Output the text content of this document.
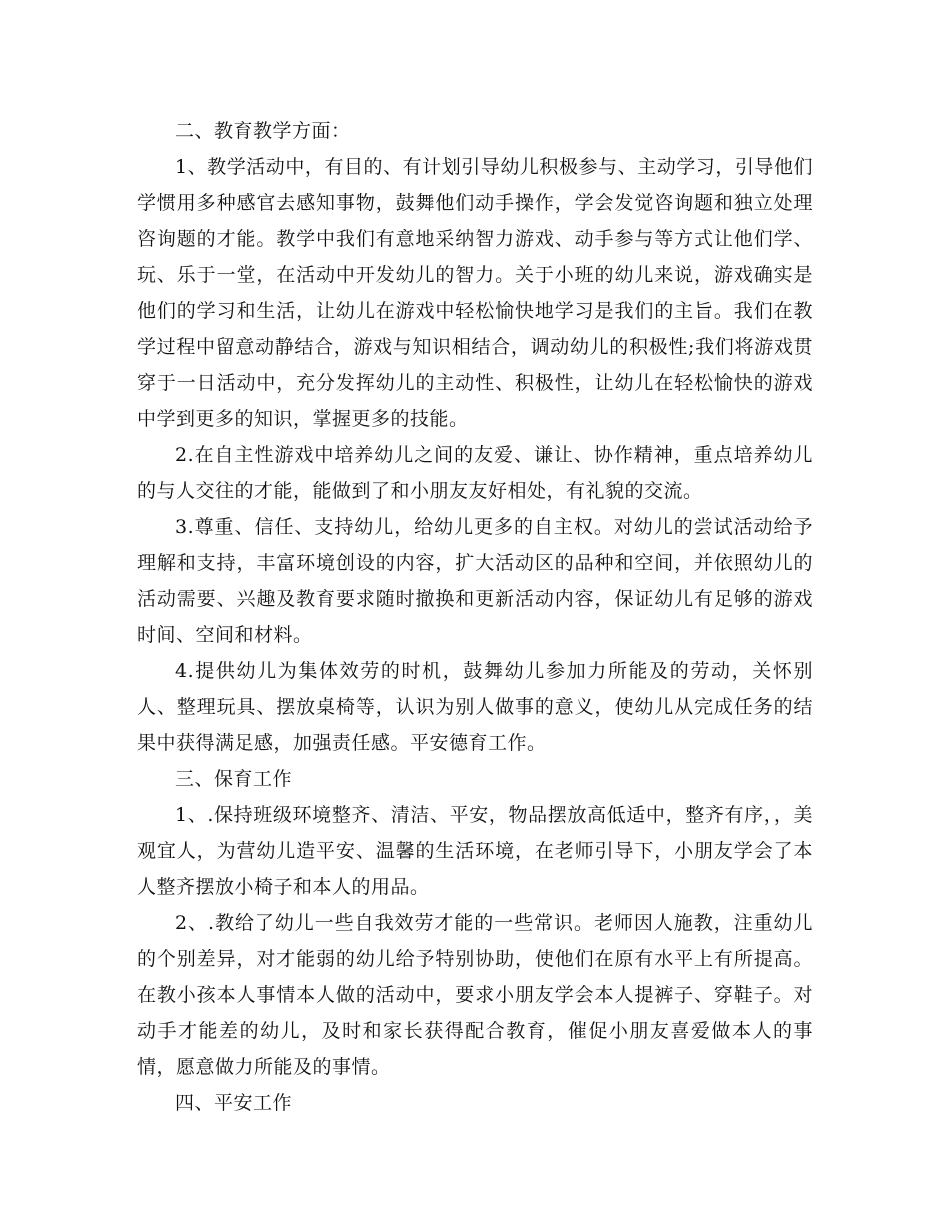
二、教育教学方面：

1、教学活动中，有目的、有计划引导幼儿积极参与、主动学习，引导他们学惯用多种感官去感知事物，鼓舞他们动手操作，学会发觉咨询题和独立处理咨询题的才能。教学中我们有意地采纳智力游戏、动手参与等方式让他们学、玩、乐于一堂，在活动中开发幼儿的智力。关于小班的幼儿来说，游戏确实是他们的学习和生活，让幼儿在游戏中轻松愉快地学习是我们的主旨。我们在教学过程中留意动静结合，游戏与知识相结合，调动幼儿的积极性;我们将游戏贯穿于一日活动中，充分发挥幼儿的主动性、积极性，让幼儿在轻松愉快的游戏中学到更多的知识，掌握更多的技能。

2.在自主性游戏中培养幼儿之间的友爱、谦让、协作精神，重点培养幼儿的与人交往的才能，能做到了和小朋友友好相处，有礼貌的交流。

3.尊重、信任、支持幼儿，给幼儿更多的自主权。对幼儿的尝试活动给予理解和支持，丰富环境创设的内容，扩大活动区的品种和空间，并依照幼儿的活动需要、兴趣及教育要求随时撤换和更新活动内容，保证幼儿有足够的游戏时间、空间和材料。

4.提供幼儿为集体效劳的时机，鼓舞幼儿参加力所能及的劳动，关怀别人、整理玩具、摆放桌椅等，认识为别人做事的意义，使幼儿从完成任务的结果中获得满足感，加强责任感。平安德育工作。

三、保育工作

1、.保持班级环境整齐、清洁、平安，物品摆放高低适中，整齐有序，，美观宜人，为营幼儿造平安、温馨的生活环境，在老师引导下，小朋友学会了本人整齐摆放小椅子和本人的用品。

2、.教给了幼儿一些自我效劳才能的一些常识。老师因人施教，注重幼儿的个别差异，对才能弱的幼儿给予特别协助，使他们在原有水平上有所提高。在教小孩本人事情本人做的活动中，要求小朋友学会本人提裤子、穿鞋子。对动手才能差的幼儿，及时和家长获得配合教育，催促小朋友喜爱做本人的事情，愿意做力所能及的事情。

四、平安工作
